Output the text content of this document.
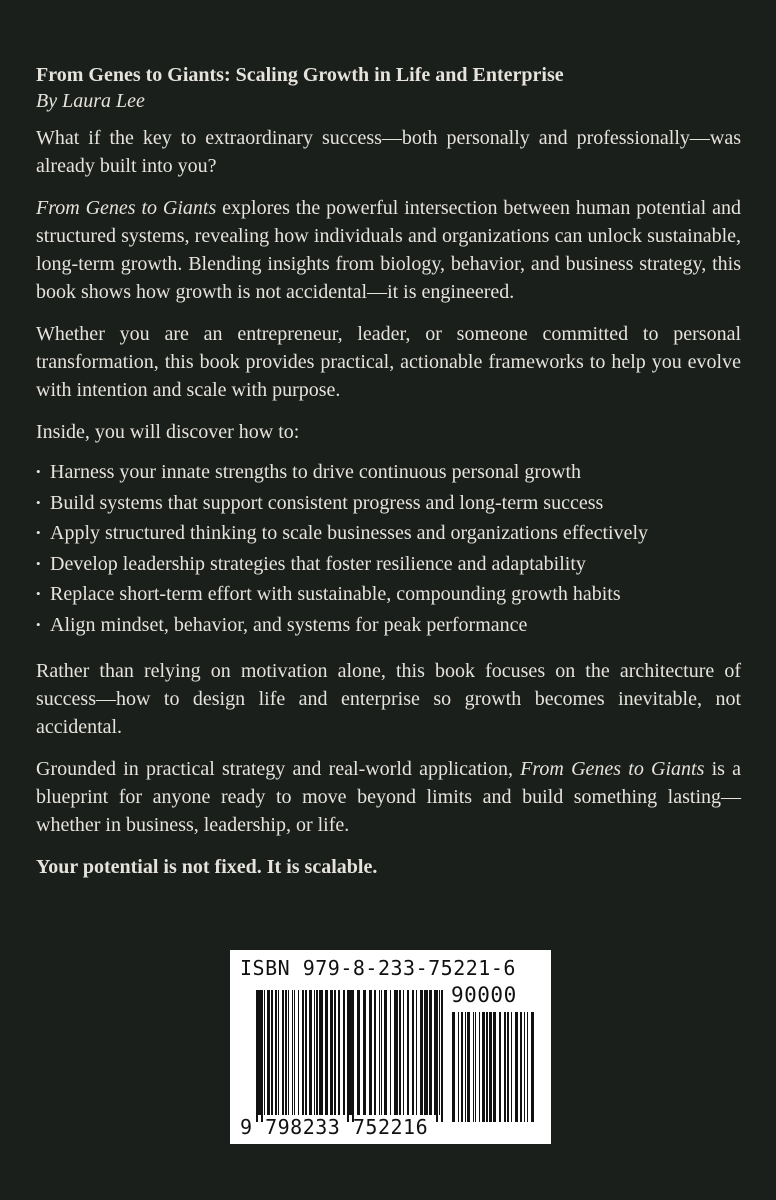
From Genes to Giants: Scaling Growth in Life and Enterprise

By Laura Lee

What if the key to extraordinary success—both personally and professionally—was already built into you?

From Genes to Giants explores the powerful intersection between human potential and structured systems, revealing how individuals and organizations can unlock sustainable, long-term growth. Blending insights from biology, behavior, and business strategy, this book shows how growth is not accidental—it is engineered.

Whether you are an entrepreneur, leader, or someone committed to personal transformation, this book provides practical, actionable frameworks to help you evolve with intention and scale with purpose.

Inside, you will discover how to:

• Harness your innate strengths to drive continuous personal growth
• Build systems that support consistent progress and long-term success
• Apply structured thinking to scale businesses and organizations effectively
• Develop leadership strategies that foster resilience and adaptability
• Replace short-term effort with sustainable, compounding growth habits
• Align mindset, behavior, and systems for peak performance

Rather than relying on motivation alone, this book focuses on the architecture of success—how to design life and enterprise so growth becomes inevitable, not accidental.

Grounded in practical strategy and real-world application, From Genes to Giants is a blueprint for anyone ready to move beyond limits and build something lasting—whether in business, leadership, or life.

Your potential is not fixed. It is scalable.

ISBN 979-8-233-75221-6
90000
9 798233 752216
